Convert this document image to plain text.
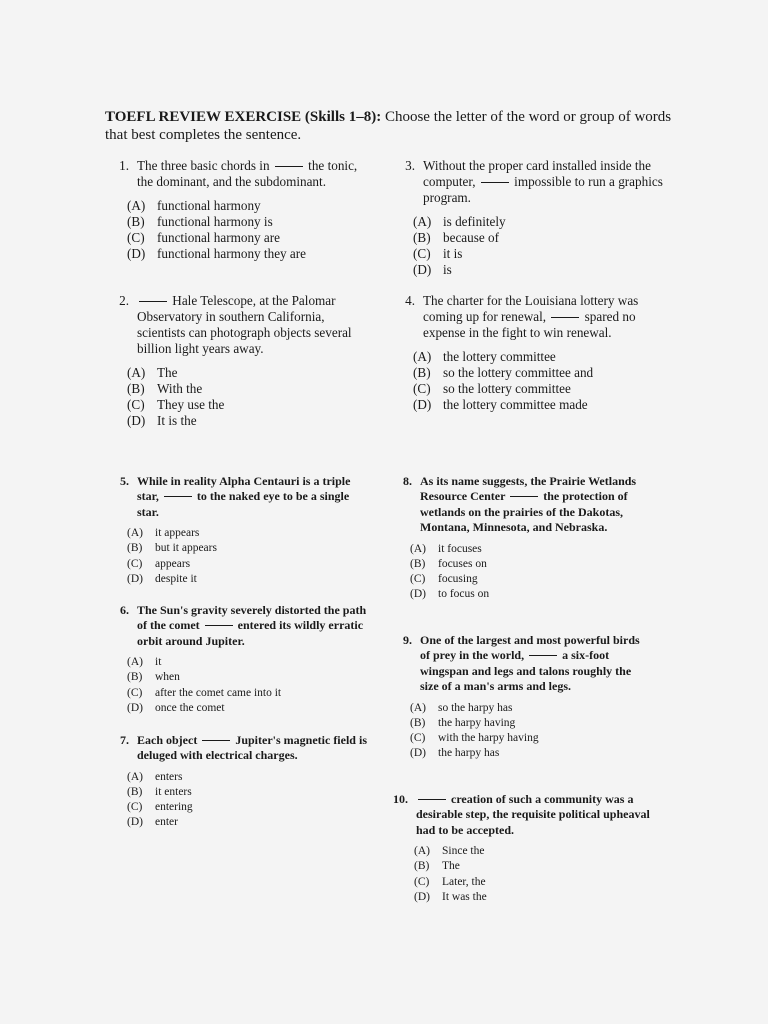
TOEFL REVIEW EXERCISE (Skills 1–8): Choose the letter of the word or group of words that best completes the sentence.
1. The three basic chords in	the tonic, the dominant, and the subdominant.
(A) functional harmony
(B) functional harmony is
(C) functional harmony are
(D) functional harmony they are
2.	Hale Telescope, at the Palomar Observatory in southern California, scientists can photograph objects several billion light years away.
(A) The
(B) With the
(C) They use the
(D) It is the
3. Without the proper card installed inside the computer,	impossible to run a graphics program.
(A) is definitely
(B) because of
(C) it is
(D) is
4. The charter for the Louisiana lottery was coming up for renewal,	spared no expense in the fight to win renewal.
(A) the lottery committee
(B) so the lottery committee and
(C) so the lottery committee
(D) the lottery committee made
5. While in reality Alpha Centauri is a triple star,	to the naked eye to be a single star.
(A)	it appears
(B)	but it appears
(C)	appears
(D)	despite it
6. The Sun's gravity severely distorted the path of the comet	entered its wildly erratic orbit around Jupiter.
(A)	it
(B)	when
(C)	after the comet came into it
(D)	once the comet
7. Each object	Jupiter's magnetic field is deluged with electrical charges.
(A)	enters
(B)	it enters
(C)	entering
(D)	enter
8. As its name suggests, the Prairie Wetlands Resource Center	the protection of wetlands on the prairies of the Dakotas, Montana, Minnesota, and Nebraska.
(A)	it focuses
(B)	focuses on
(C)	focusing
(D)	to focus on
9. One of the largest and most powerful birds of prey in the world,	a six-foot wingspan and legs and talons roughly the size of a man's arms and legs.
(A)	so the harpy has
(B)	the harpy having
(C)	with the harpy having
(D)	the harpy has
10.	creation of such a community was a desirable step, the requisite political upheaval had to be accepted.
(A)	Since the
(B)	The
(C)	Later, the
(D)	It was the
